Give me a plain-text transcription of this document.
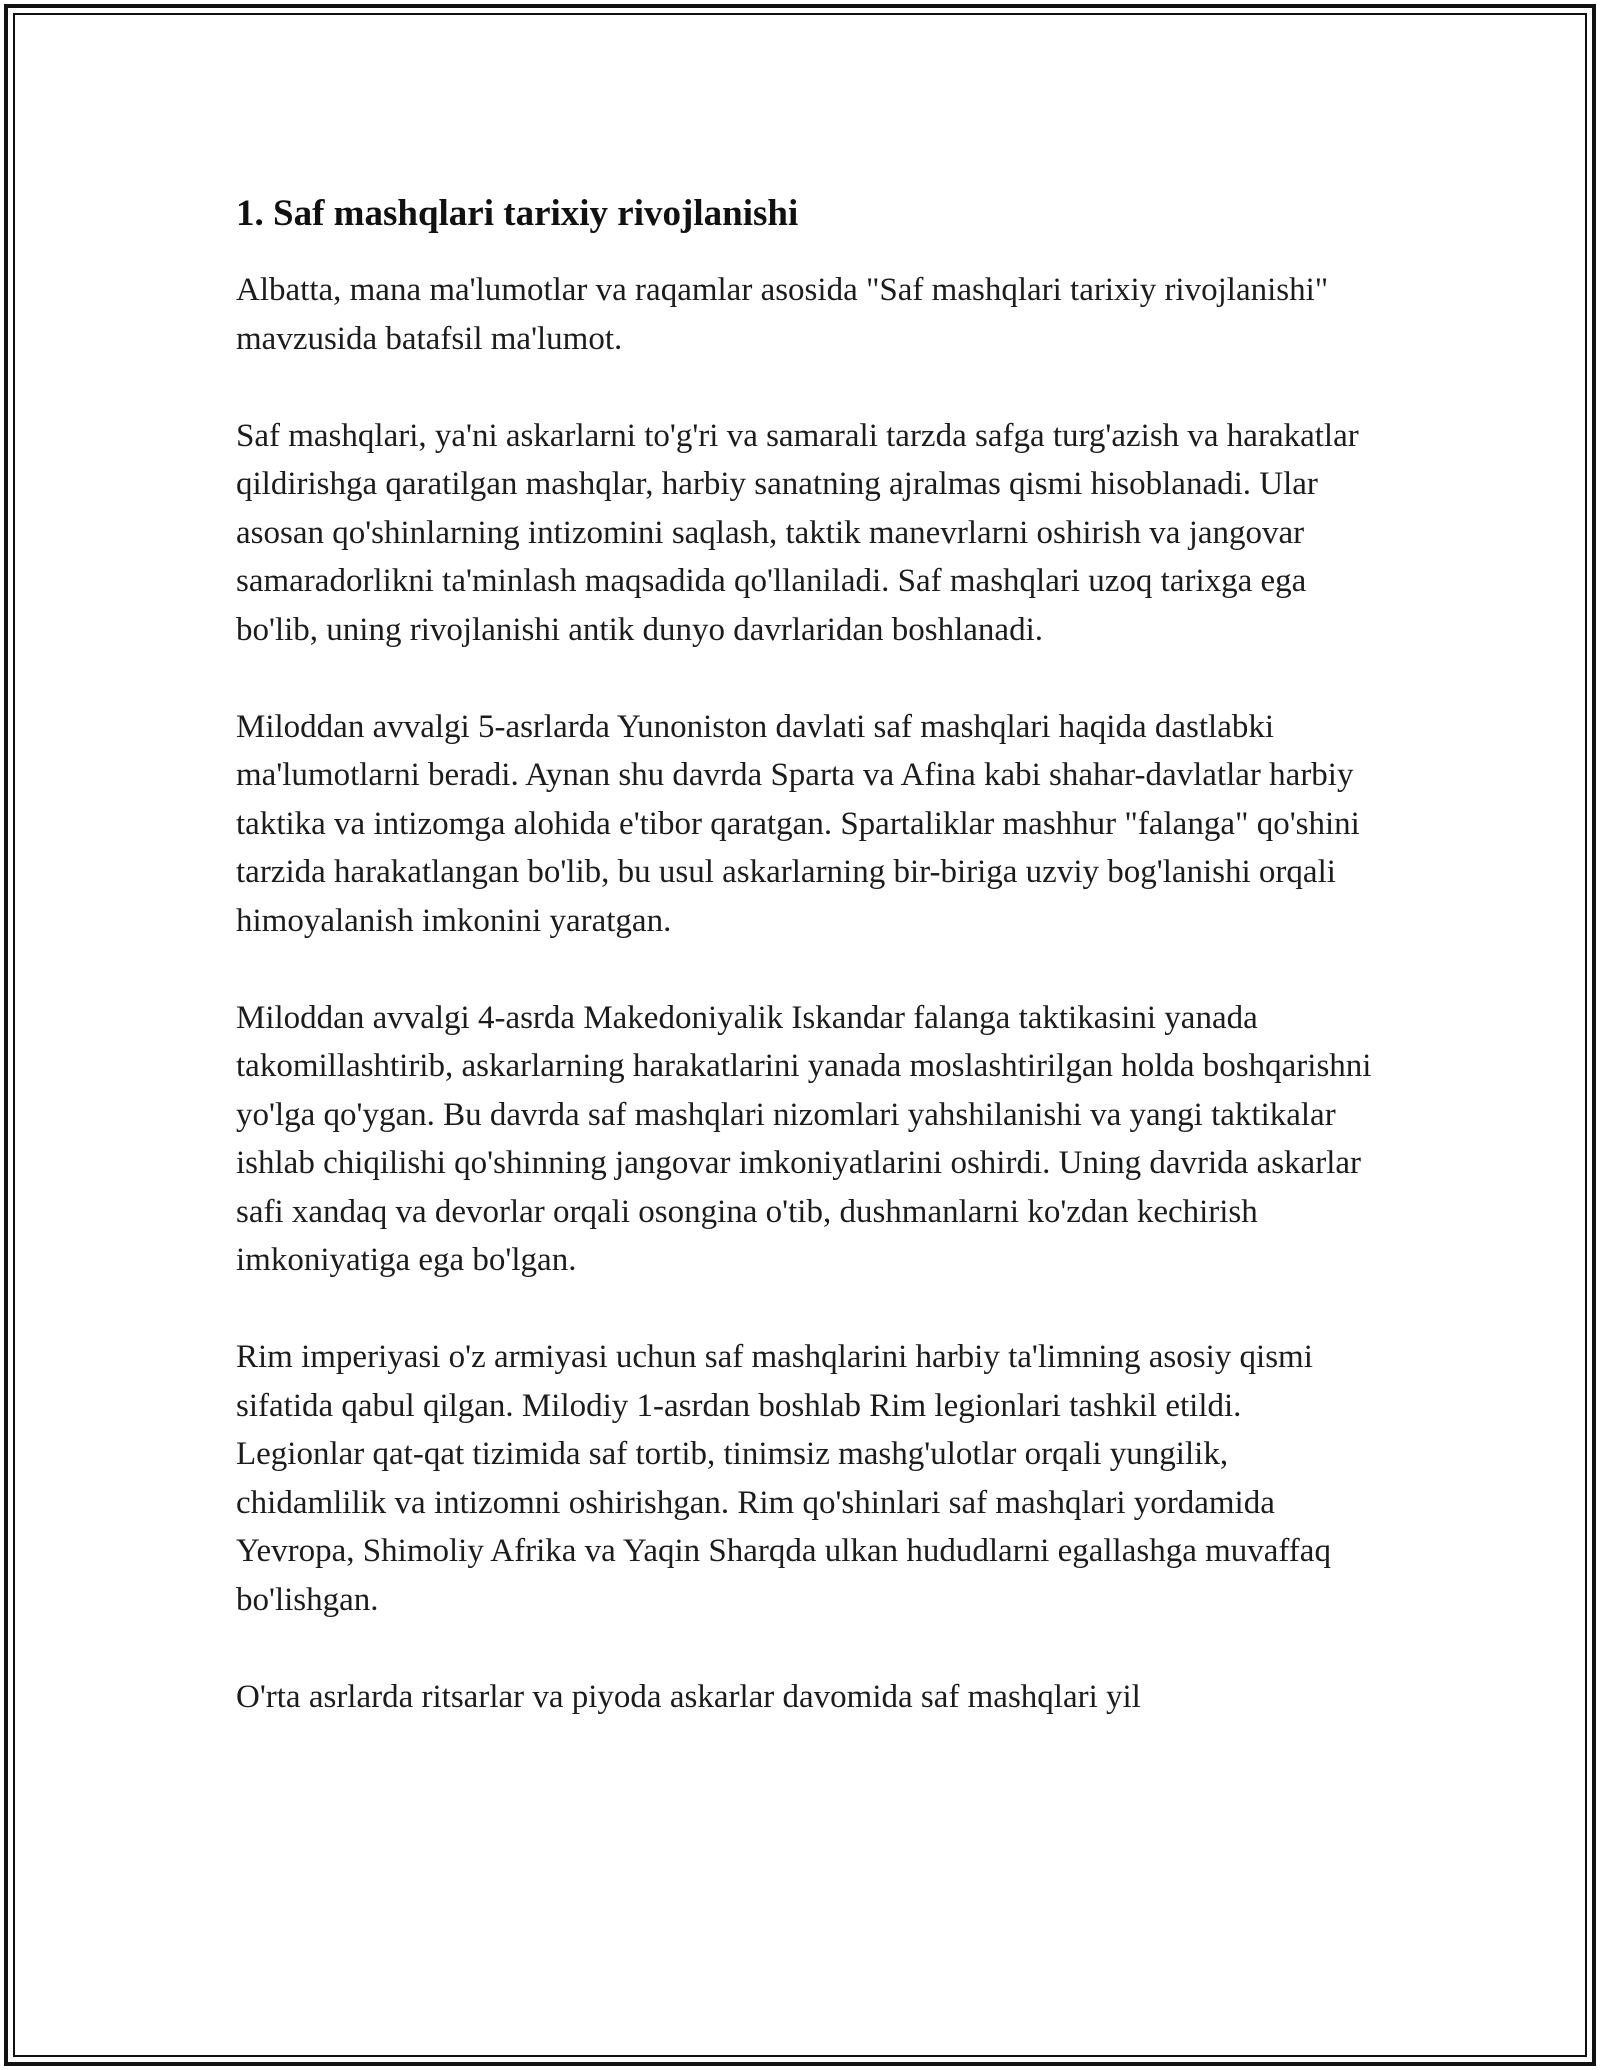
1. Saf mashqlari tarixiy rivojlanishi

Albatta, mana ma'lumotlar va raqamlar asosida "Saf mashqlari tarixiy rivojlanishi" mavzusida batafsil ma'lumot.

Saf mashqlari, ya'ni askarlarni to'g'ri va samarali tarzda safga turg'azish va harakatlar qildirishga qaratilgan mashqlar, harbiy sanatning ajralmas qismi hisoblanadi. Ular asosan qo'shinlarning intizomini saqlash, taktik manevrlarni oshirish va jangovar samaradorlikni ta'minlash maqsadida qo'llaniladi. Saf mashqlari uzoq tarixga ega bo'lib, uning rivojlanishi antik dunyo davrlaridan boshlanadi.

Miloddan avvalgi 5-asrlarda Yunoniston davlati saf mashqlari haqida dastlabki ma'lumotlarni beradi. Aynan shu davrda Sparta va Afina kabi shahar-davlatlar harbiy taktika va intizomga alohida e'tibor qaratgan. Spartaliklar mashhur "falanga" qo'shini tarzida harakatlangan bo'lib, bu usul askarlarning bir-biriga uzviy bog'lanishi orqali himoyalanish imkonini yaratgan.

Miloddan avvalgi 4-asrda Makedoniyalik Iskandar falanga taktikasini yanada takomillashtirib, askarlarning harakatlarini yanada moslashtirilgan holda boshqarishni yo'lga qo'ygan. Bu davrda saf mashqlari nizomlari yahshilanishi va yangi taktikalar ishlab chiqilishi qo'shinning jangovar imkoniyatlarini oshirdi. Uning davrida askarlar safi xandaq va devorlar orqali osongina o'tib, dushmanlarni ko'zdan kechirish imkoniyatiga ega bo'lgan.

Rim imperiyasi o'z armiyasi uchun saf mashqlarini harbiy ta'limning asosiy qismi sifatida qabul qilgan. Milodiy 1-asrdan boshlab Rim legionlari tashkil etildi. Legionlar qat-qat tizimida saf tortib, tinimsiz mashg'ulotlar orqali yungilik, chidamlilik va intizomni oshirishgan. Rim qo'shinlari saf mashqlari yordamida Yevropa, Shimoliy Afrika va Yaqin Sharqda ulkan hududlarni egallashga muvaffaq bo'lishgan.

O'rta asrlarda ritsarlar va piyoda askarlar davomida saf mashqlari yil
